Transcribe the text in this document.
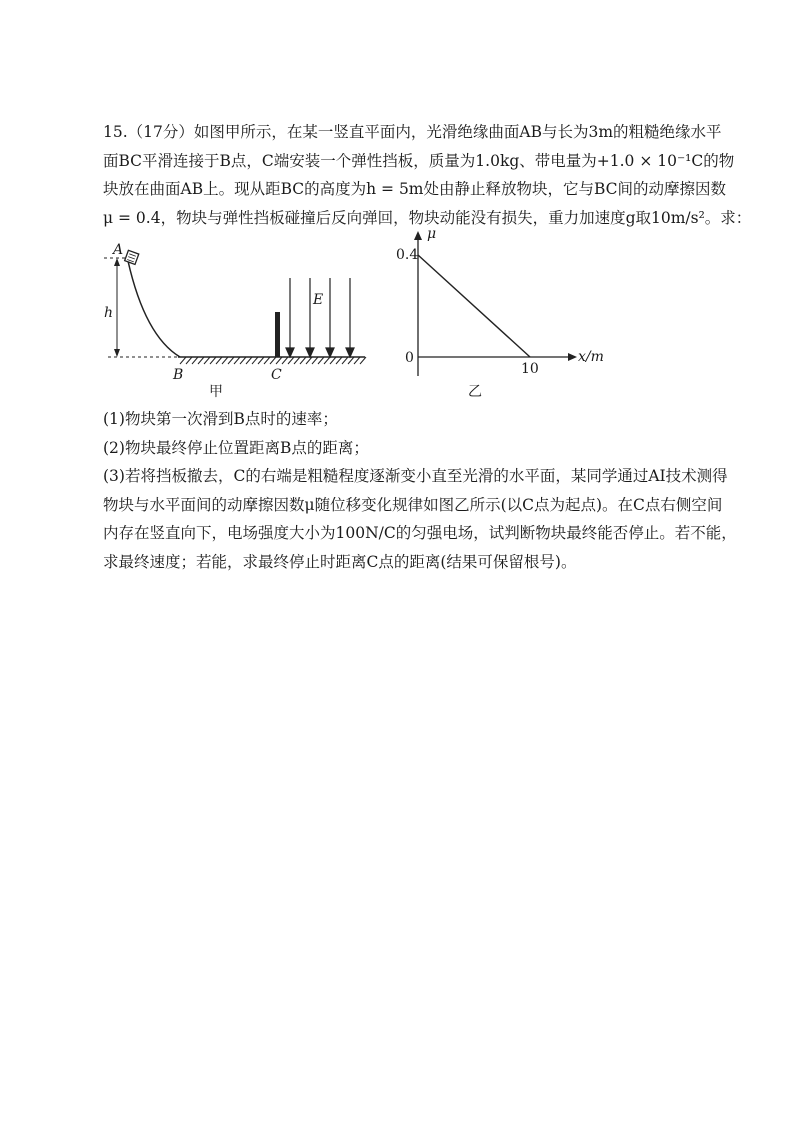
15.（17分）如图甲所示，在某一竖直平面内，光滑绝缘曲面AB与长为3m的粗糙绝缘水平

面BC平滑连接于B点，C端安装一个弹性挡板，质量为1.0kg、带电量为+1.0 × 10⁻¹C的物

块放在曲面AB上。现从距BC的高度为h = 5m处由静止释放物块，它与BC间的动摩擦因数

μ = 0.4，物块与弹性挡板碰撞后反向弹回，物块动能没有损失，重力加速度g取10m/s²。求：

h
A
E
B	C
甲
μ
x/m
0.4
0
10
乙

(1)物块第一次滑到B点时的速率；

(2)物块最终停止位置距离B点的距离；

(3)若将挡板撤去，C的右端是粗糙程度逐渐变小直至光滑的水平面，某同学通过AI技术测得

物块与水平面间的动摩擦因数μ随位移变化规律如图乙所示(以C点为起点)。在C点右侧空间

内存在竖直向下，电场强度大小为100N/C的匀强电场，试判断物块最终能否停止。若不能，

求最终速度；若能，求最终停止时距离C点的距离(结果可保留根号)。
